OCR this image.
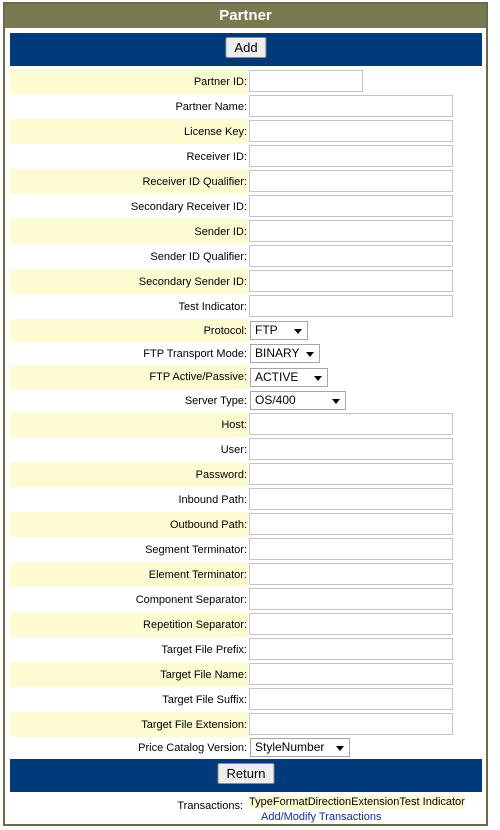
Partner
Add
Partner ID:
Partner Name:
License Key:
Receiver ID:
Receiver ID Qualifier:
Secondary Receiver ID:
Sender ID:
Sender ID Qualifier:
Secondary Sender ID:
Test Indicator:
Protocol: FTP
FTP Transport Mode: BINARY
FTP Active/Passive: ACTIVE
Server Type: OS/400
Host:
User:
Password:
Inbound Path:
Outbound Path:
Segment Terminator:
Element Terminator:
Component Separator:
Repetition Separator:
Target File Prefix:
Target File Name:
Target File Suffix:
Target File Extension:
Price Catalog Version: StyleNumber
Return
Transactions: TypeFormatDirectionExtensionTest Indicator
Add/Modify Transactions
